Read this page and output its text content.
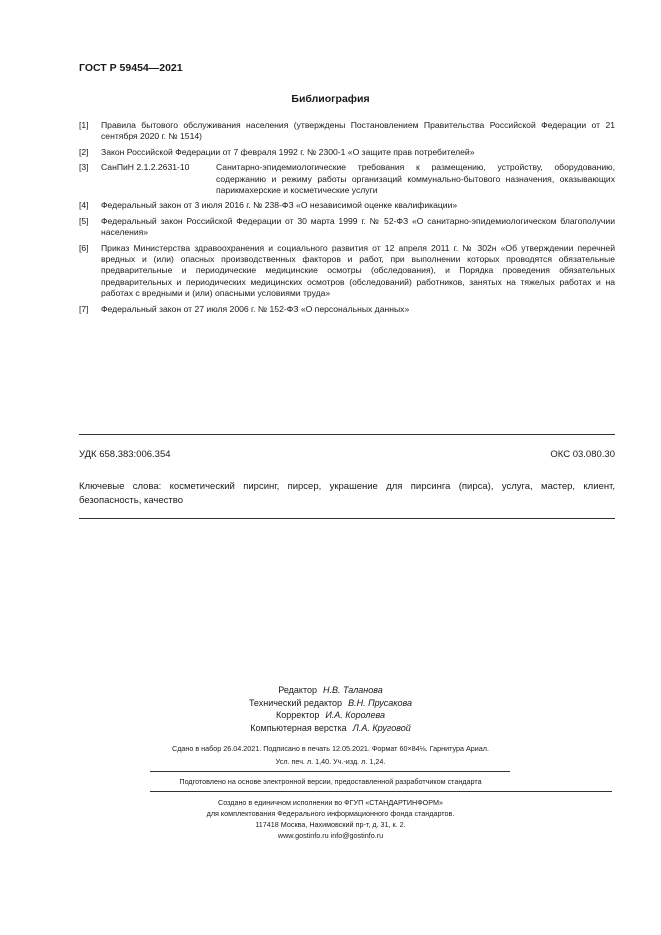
ГОСТ Р 59454—2021
Библиография
[1]	Правила бытового обслуживания населения (утверждены Постановлением Правительства Российской Федерации от 21 сентября 2020 г. № 1514)
[2]	Закон Российской Федерации от 7 февраля 1992 г. № 2300-1 «О защите прав потребителей»
[3]	СанПиН 2.1.2.2631-10	Санитарно-эпидемиологические требования к размещению, устройству, оборудованию, содержанию и режиму работы организаций коммунально-бытового назначения, оказывающих парикмахерские и косметические услуги
[4]	Федеральный закон от 3 июля 2016 г. № 238-ФЗ «О независимой оценке квалификации»
[5]	Федеральный закон Российской Федерации от 30 марта 1999 г. № 52-ФЗ «О санитарно-эпидемиологическом благополучии населения»
[6]	Приказ Министерства здравоохранения и социального развития от 12 апреля 2011 г. № 302н «Об утверждении перечней вредных и (или) опасных производственных факторов и работ, при выполнении которых проводятся обязательные предварительные и периодические медицинские осмотры (обследования), и Порядка проведения обязательных предварительных и периодических медицинских осмотров (обследований) работников, занятых на тяжелых работах и на работах с вредными и (или) опасными условиями труда»
[7]	Федеральный закон от 27 июля 2006 г. № 152-ФЗ «О персональных данных»
УДК 658.383:006.354	ОКС 03.080.30
Ключевые слова: косметический пирсинг, пирсер, украшение для пирсинга (пирса), услуга, мастер, клиент, безопасность, качество
Редактор Н.В. Таланова
Технический редактор В.Н. Прусакова
Корректор И.А. Королева
Компьютерная верстка Л.А. Круговой
Сдано в набор 26.04.2021. Подписано в печать 12.05.2021. Формат 60×84⅛. Гарнитура Ариал.
Усл. печ. л. 1,40. Уч.-изд. л. 1,24.
Подготовлено на основе электронной версии, предоставленной разработчиком стандарта
Создано в единичном исполнении во ФГУП «СТАНДАРТИНФОРМ»
для комплектования Федерального информационного фонда стандартов.
117418 Москва, Нахимовский пр-т, д. 31, к. 2.
www.gostinfo.ru info@gostinfo.ru
